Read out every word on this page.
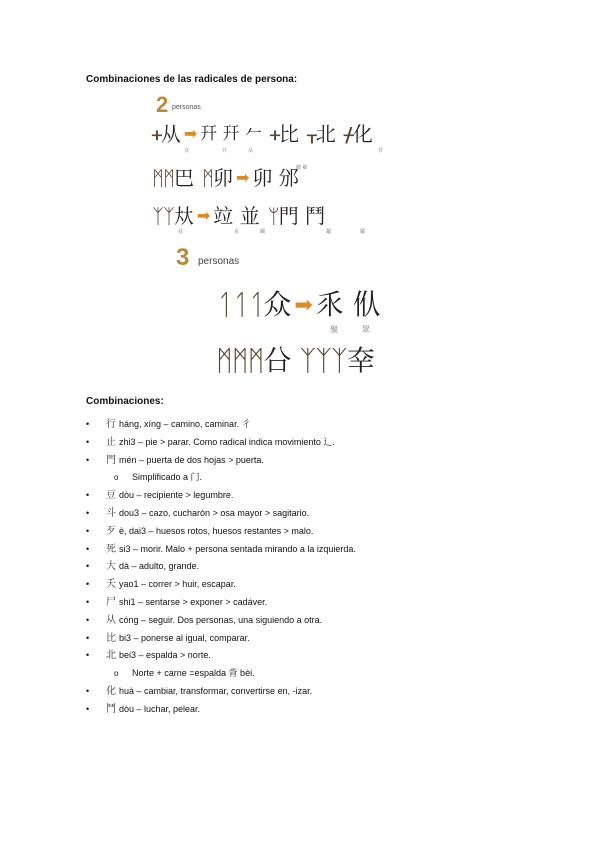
Combinaciones de las radicales de persona:
2 personas
ᚐ 从 ➡ 幵 幵 𠂉 ᚐ 比 ᚁ 北 ᚋ 化
众	并	从	背
ᛗᛗ 巴 ᛗ 卯 ➡ 卯 邠
卿 鄉
ᛉᛉ 夶 ➡ 竝 並 ᛘ 門 鬥
扶	並	鬭	鬮	鬮
3 personas
ᛐᛐᛐ 众 ➡ 乑 㐺
聚	眾
ᛗᛗᛗ 㕣 ᛉᛉᛉ 㚔
Combinaciones:
• 行 háng, xíng – camino, caminar. 彳
• 止 zhi3 – pie > parar. Como radical indica movimiento ⻌.
• 門 mén – puerta de dos hojas > puerta.
o Simplificado a 门.
• 豆 dòu – recipiente > legumbre.
• 斗 dou3 – cazo, cucharón > osa mayor > sagitario.
• 歹 è, dai3 – huesos rotos, huesos restantes > malo.
• 死 si3 – morir. Malo + persona sentada mirando a la izquierda.
• 大 dà – adulto, grande.
• 夭 yao1 – correr > huir, escapar.
• 尸 shi1 – sentarse > exponer > cadáver.
• 从 cóng – seguir. Dos personas, una siguiendo a otra.
• 比 bi3 – ponerse al igual, comparar.
• 北 bei3 – espalda > norte.
o Norte + carne =espalda 背 bèi.
• 化 huà – cambiar, transformar, convertirse en, -izar.
• 鬥 dòu – luchar, pelear.
